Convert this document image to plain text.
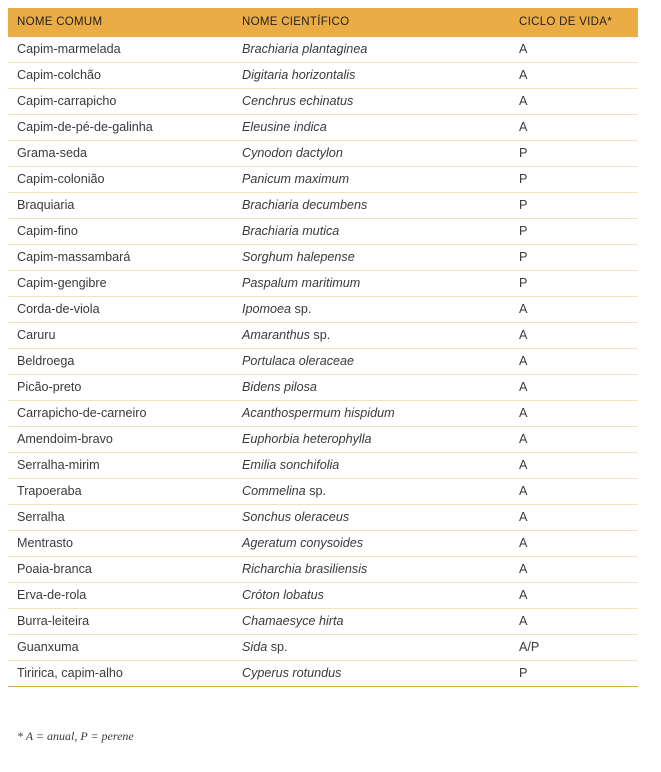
NOME COMUM	NOME CIENTÍFICO	CICLO DE VIDA*
Capim-marmelada	Brachiaria plantaginea	A
Capim-colchão	Digitaria horizontalis	A
Capim-carrapicho	Cenchrus echinatus	A
Capim-de-pé-de-galinha	Eleusine indica	A
Grama-seda	Cynodon dactylon	P
Capim-colonião	Panicum maximum	P
Braquiaria	Brachiaria decumbens	P
Capim-fino	Brachiaria mutica	P
Capim-massambará	Sorghum halepense	P
Capim-gengibre	Paspalum maritimum	P
Corda-de-viola	Ipomoea sp.	A
Caruru	Amaranthus sp.	A
Beldroega	Portulaca oleraceae	A
Picão-preto	Bidens pilosa	A
Carrapicho-de-carneiro	Acanthospermum hispidum	A
Amendoim-bravo	Euphorbia heterophylla	A
Serralha-mirim	Emilia sonchifolia	A
Trapoeraba	Commelina sp.	A
Serralha	Sonchus oleraceus	A
Mentrasto	Ageratum conysoides	A
Poaia-branca	Richarchia brasiliensis	A
Erva-de-rola	Cróton lobatus	A
Burra-leiteira	Chamaesyce hirta	A
Guanxuma	Sida sp.	A/P
Tiririca, capim-alho	Cyperus rotundus	P
* A = anual, P = perene
